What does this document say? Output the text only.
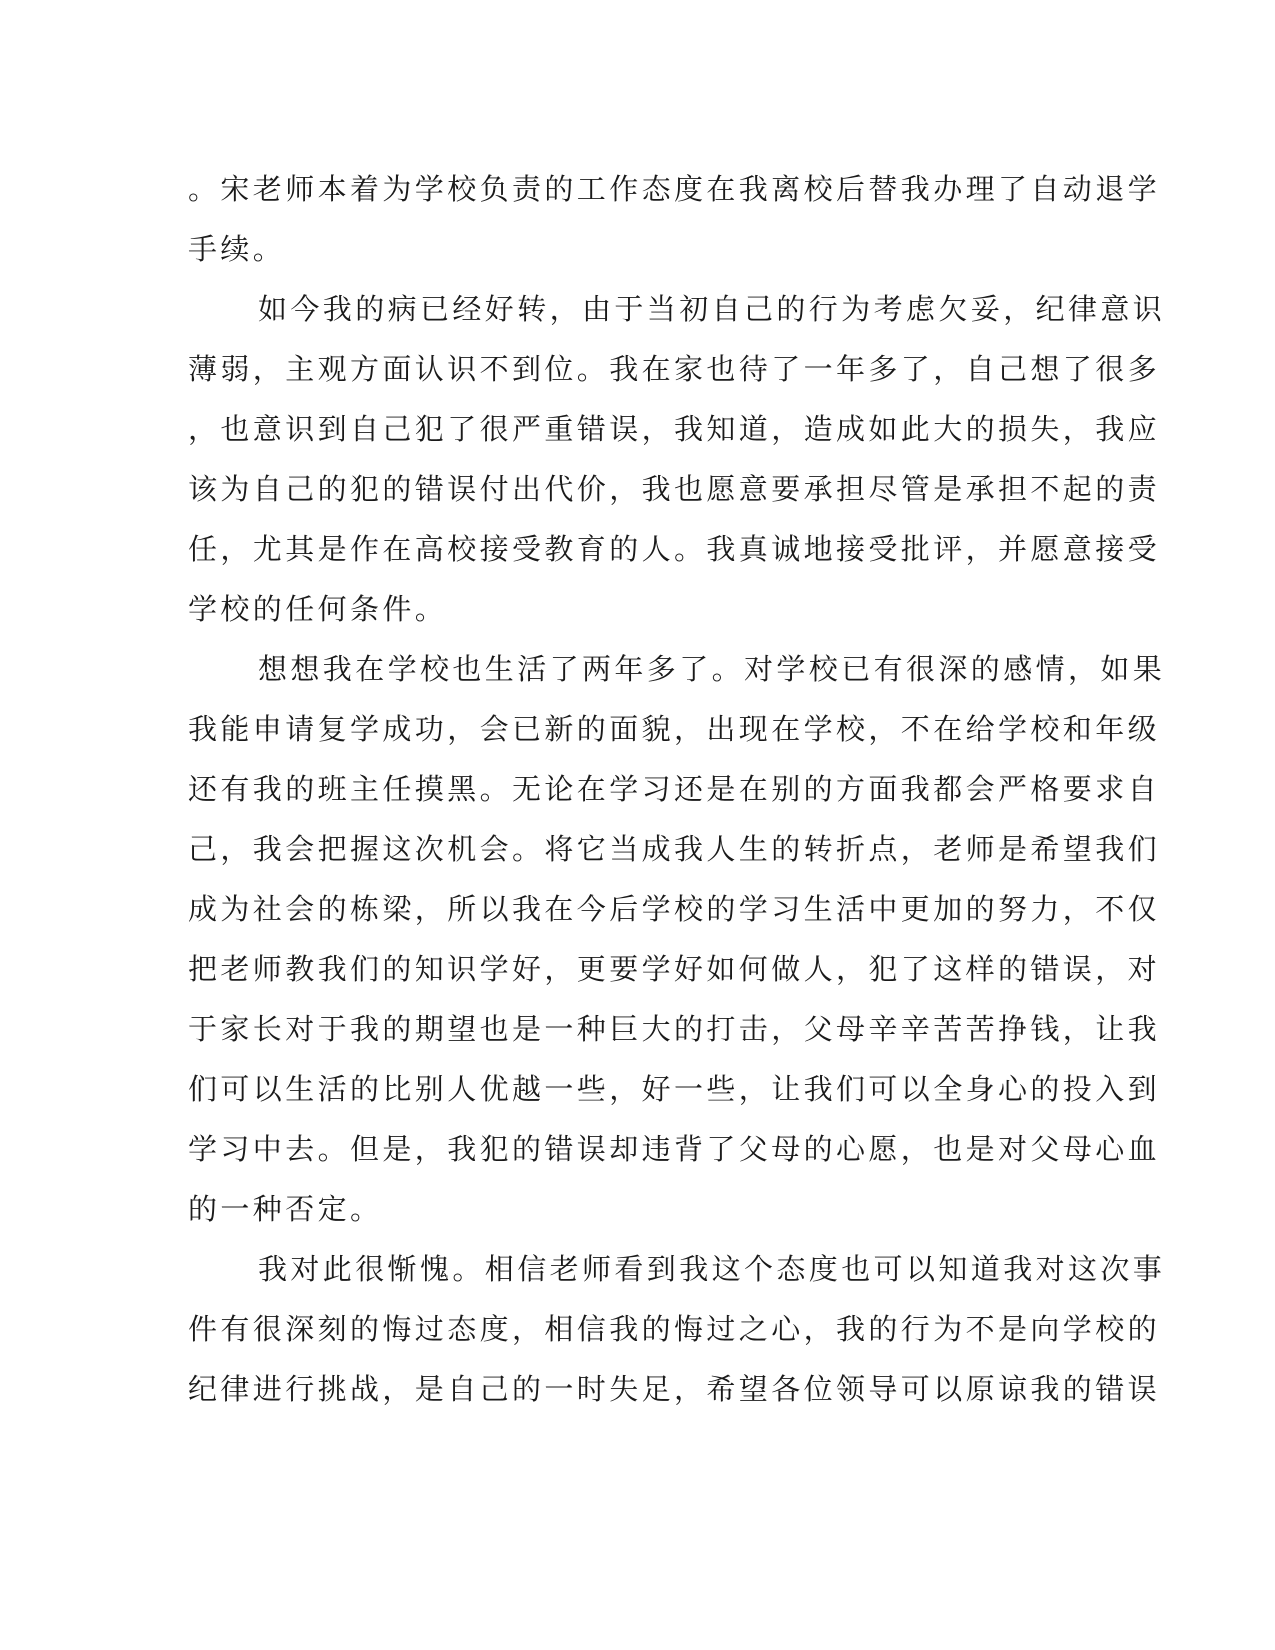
。宋老师本着为学校负责的工作态度在我离校后替我办理了自动退学
手续。
如今我的病已经好转，由于当初自己的行为考虑欠妥，纪律意识
薄弱，主观方面认识不到位。我在家也待了一年多了，自己想了很多
，也意识到自己犯了很严重错误，我知道，造成如此大的损失，我应
该为自己的犯的错误付出代价，我也愿意要承担尽管是承担不起的责
任，尤其是作在高校接受教育的人。我真诚地接受批评，并愿意接受
学校的任何条件。
想想我在学校也生活了两年多了。对学校已有很深的感情，如果
我能申请复学成功，会已新的面貌，出现在学校，不在给学校和年级
还有我的班主任摸黑。无论在学习还是在别的方面我都会严格要求自
己，我会把握这次机会。将它当成我人生的转折点，老师是希望我们
成为社会的栋梁，所以我在今后学校的学习生活中更加的努力，不仅
把老师教我们的知识学好，更要学好如何做人，犯了这样的错误，对
于家长对于我的期望也是一种巨大的打击，父母辛辛苦苦挣钱，让我
们可以生活的比别人优越一些，好一些，让我们可以全身心的投入到
学习中去。但是，我犯的错误却违背了父母的心愿，也是对父母心血
的一种否定。
我对此很惭愧。相信老师看到我这个态度也可以知道我对这次事
件有很深刻的悔过态度，相信我的悔过之心，我的行为不是向学校的
纪律进行挑战，是自己的一时失足，希望各位领导可以原谅我的错误
